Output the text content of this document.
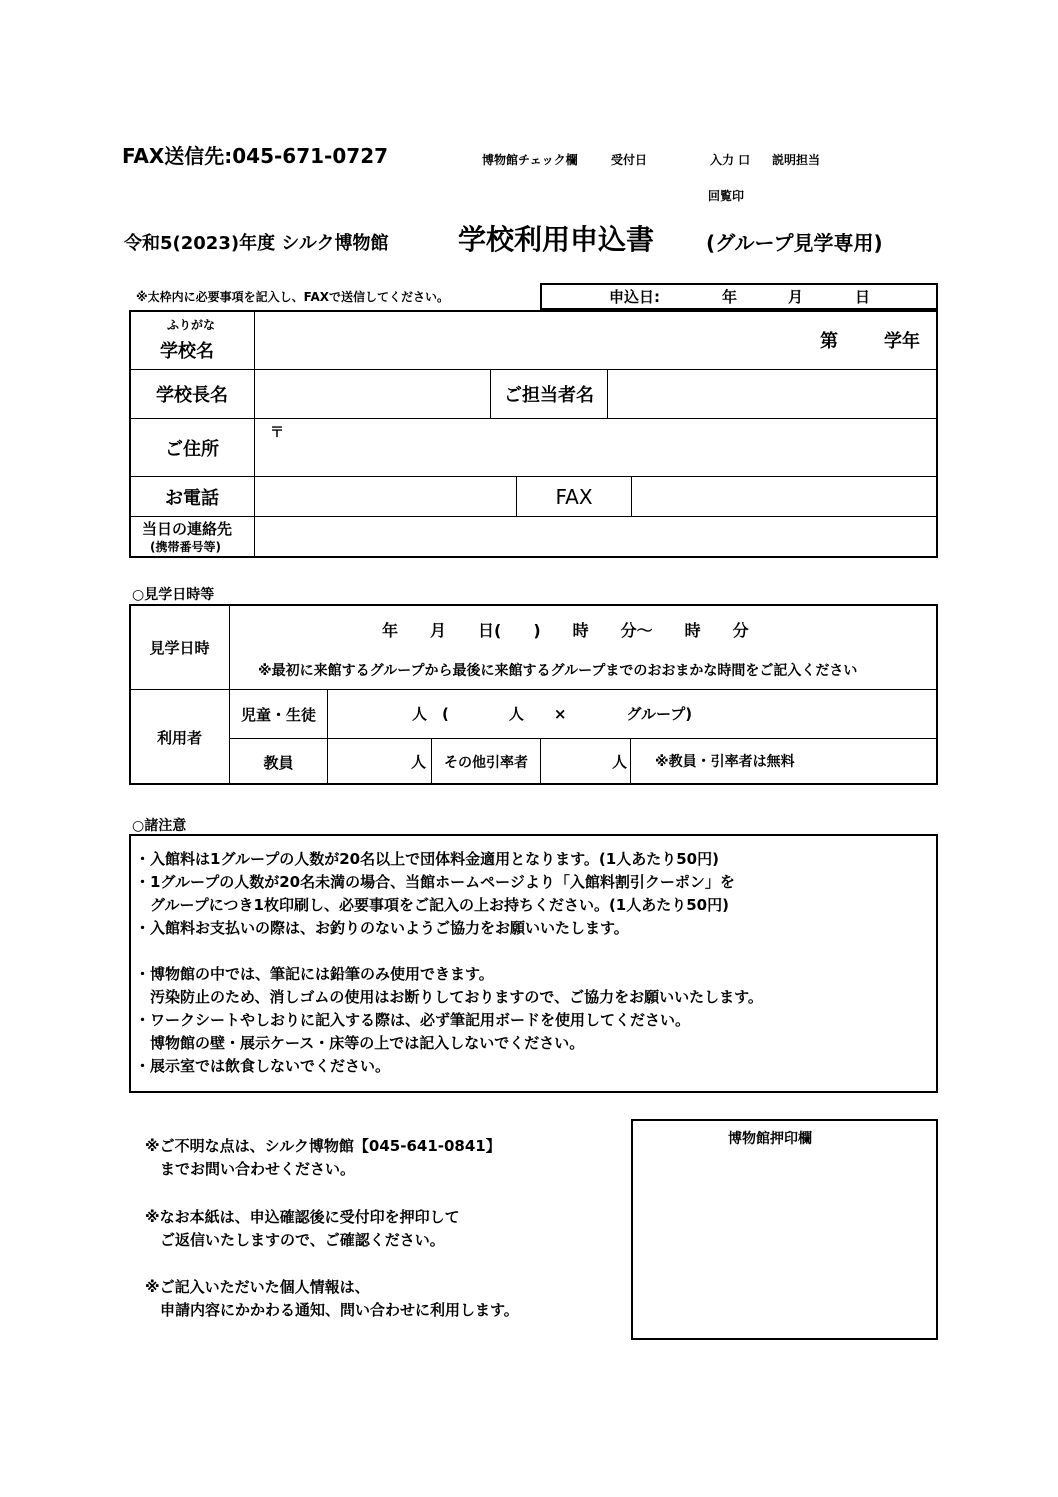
FAX送信先:045-671-0727	博物館チェック欄	受付日	入力 口 説明担当
回覧印
令和5(2023)年度 シルク博物館 学校利用申込書	(グループ見学専用)
※太枠内に必要事項を記入し、FAXで送信してください。	申込日:	年	月	日
ふりがな
学校名	第	学年
学校長名	ご担当者名
ご住所
〒
お電話	FAX
当日の連絡先
(携帯番号等)
○見学日時等
見学日時
年　　月　　日(　　)　　時　　分～　　時　　分
※最初に来館するグループから最後に来館するグループまでのおおまかな時間をご記入ください
利用者
児童・生徒	人　(　　　　人　　×　　　　グループ)
教員	人	その他引率者	人 ※教員・引率者は無料
○諸注意
・入館料は1グループの人数が20名以上で団体料金適用となります。(1人あたり50円)
・1グループの人数が20名未満の場合、当館ホームページより「入館料割引クーポン」を
　グループにつき1枚印刷し、必要事項をご記入の上お持ちください。(1人あたり50円)
・入館料お支払いの際は、お釣りのないようご協力をお願いいたします。

・博物館の中では、筆記には鉛筆のみ使用できます。
　汚染防止のため、消しゴムの使用はお断りしておりますので、ご協力をお願いいたします。
・ワークシートやしおりに記入する際は、必ず筆記用ボードを使用してください。
　博物館の壁・展示ケース・床等の上では記入しないでください。
・展示室では飲食しないでください。
※ご不明な点は、シルク博物館【045-641-0841】
　までお問い合わせください。
※なお本紙は、申込確認後に受付印を押印して
　ご返信いたしますので、ご確認ください。
※ご記入いただいた個人情報は、
　申請内容にかかわる通知、問い合わせに利用します。
博物館押印欄
